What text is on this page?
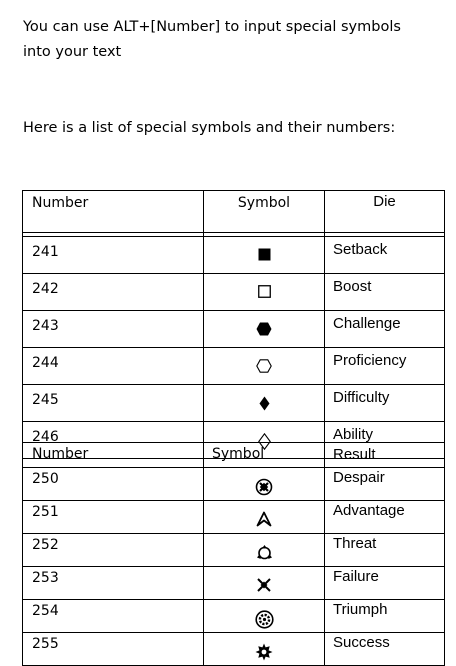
You can use ALT+[Number] to input special symbols into your text

Here is a list of special symbols and their numbers:

Number	Symbol	Die

241		Setback
242		Boost
243		Challenge
244		Proficiency
245		Difficulty
246		Ability
Number	Symbol	Result
250		Despair
251		Advantage
252		Threat
253		Failure
254		Triumph
255		Success
